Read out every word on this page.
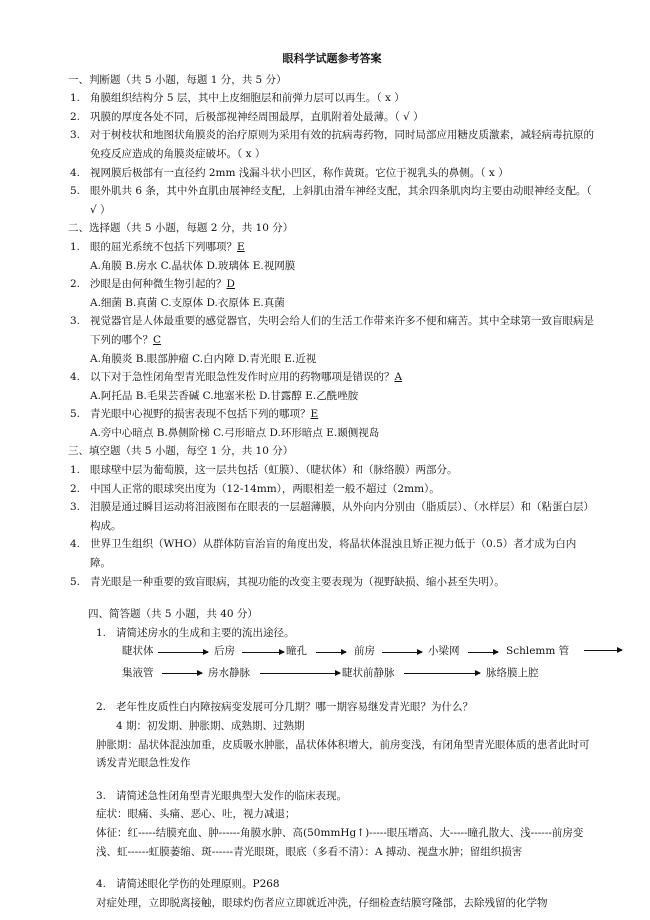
眼科学试题参考答案
一、判断题（共 5 小题，每题 1 分，共 5 分）
1. 角膜组织结构分 5 层，其中上皮细胞层和前弹力层可以再生。（ x ）
2. 巩膜的厚度各处不同，后极部视神经周围最厚，直肌附着处最薄。（ √ ）
3. 对于树枝状和地图状角膜炎的治疗原则为采用有效的抗病毒药物，同时局部应用糖皮质激素，减轻病毒抗原的免疫反应造成的角膜炎症破坏。（ x ）
4. 视网膜后极部有一直径约 2mm 浅漏斗状小凹区，称作黄斑。它位于视乳头的鼻侧。（ x ）
5. 眼外肌共 6 条，其中外直肌由展神经支配，上斜肌由滑车神经支配，其余四条肌肉均主要由动眼神经支配。（ √ ）
二、选择题（共 5 小题，每题 2 分，共 10 分）
1. 眼的屈光系统不包括下列哪项？E
A.角膜 B.房水 C.晶状体 D.玻璃体 E.视网膜
2. 沙眼是由何种微生物引起的？D
A.细菌 B.真菌 C.支原体 D.衣原体 E.真菌
3. 视觉器官是人体最重要的感觉器官，失明会给人们的生活工作带来许多不便和痛苦。其中全球第一致盲眼病是下列的哪个？C
A.角膜炎 B.眼部肿瘤 C.白内障 D.青光眼 E.近视
4. 以下对于急性闭角型青光眼急性发作时应用的药物哪项是错误的？A
A.阿托品 B.毛果芸香碱 C.地塞米松 D.甘露醇 E.乙酰唑胺
5. 青光眼中心视野的损害表现不包括下列的哪项？E
A.旁中心暗点 B.鼻侧阶梯 C.弓形暗点 D.环形暗点 E.颞侧视岛
三、填空题（共 5 小题，每空 1 分，共 10 分）
1. 眼球壁中层为葡萄膜，这一层共包括（虹膜）、（睫状体）和（脉络膜）两部分。
2. 中国人正常的眼球突出度为（12-14mm），两眼相差一般不超过（2mm）。
3. 泪膜是通过瞬目运动将泪液图布在眼表的一层超薄膜，从外向内分别由（脂质层）、（水样层）和（粘蛋白层）构成。
4. 世界卫生组织（WHO）从群体防盲治盲的角度出发，将晶状体混浊且矫正视力低于（0.5）者才成为白内障。
5. 青光眼是一种重要的致盲眼病，其视功能的改变主要表现为（视野缺损、缩小甚至失明）。
四、简答题（共 5 小题，共 40 分）
1. 请简述房水的生成和主要的流出途径。
睫状体	后房	瞳孔	前房	小梁网	Schlemm 管
集液管	房水静脉	睫状前静脉	脉络膜上腔
2. 老年性皮质性白内障按病变发展可分几期？哪一期容易继发青光眼？为什么？
4 期：初发期、肿胀期、成熟期、过熟期
肿胀期：晶状体混浊加重，皮质吸水肿胀，晶状体体积增大，前房变浅，有闭角型青光眼体质的患者此时可诱发青光眼急性发作
3. 请简述急性闭角型青光眼典型大发作的临床表现。
症状：眼痛、头痛、恶心、吐，视力减退；
体征：红-----结膜充血、肿------角膜水肿、高(50mmHg↑)-----眼压增高、大-----瞳孔散大、浅------前房变浅、虹------虹膜萎缩、斑------青光眼斑，眼底（多看不清）：A 搏动、视盘水肿；留组织损害
4. 请简述眼化学伤的处理原则。P268
对症处理，立即脱离接触，眼球灼伤者应立即就近冲洗，仔细检查结膜穹隆部，去除残留的化学物
